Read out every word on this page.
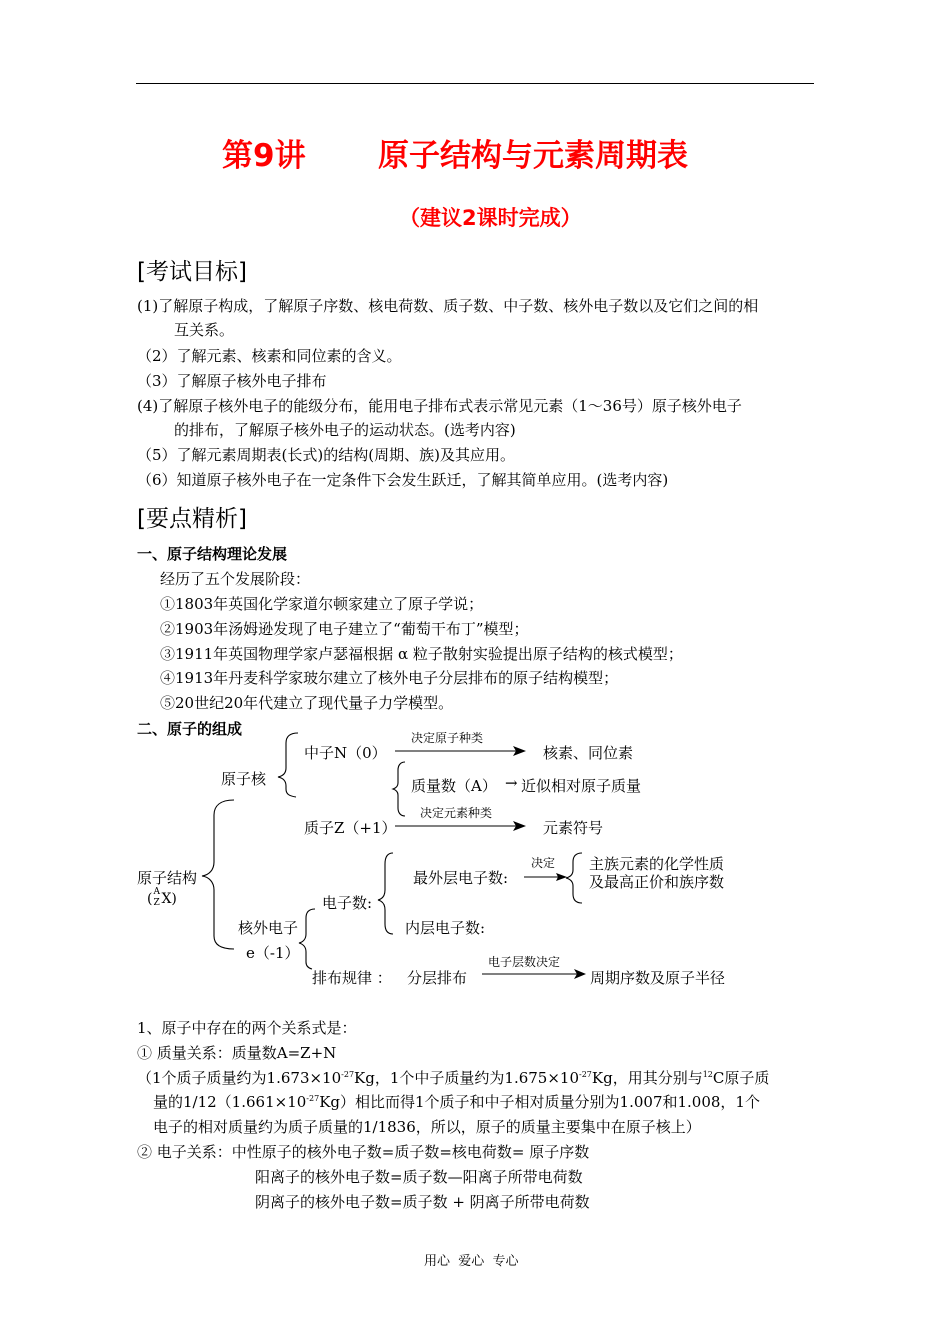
第9讲 原子结构与元素周期表
（建议2课时完成）
[考试目标]
(1)了解原子构成，了解原子序数、核电荷数、质子数、中子数、核外电子数以及它们之间的相
互关系。
（2）了解元素、核素和同位素的含义。
（3）了解原子核外电子排布
(4)了解原子核外电子的能级分布，能用电子排布式表示常见元素（1～36号）原子核外电子
的排布，了解原子核外电子的运动状态。(选考内容)
（5）了解元素周期表(长式)的结构(周期、族)及其应用。
（6）知道原子核外电子在一定条件下会发生跃迁，了解其简单应用。(选考内容)
[要点精析]
一、原子结构理论发展
经历了五个发展阶段：
①1803年英国化学家道尔顿家建立了原子学说；
②1903年汤姆逊发现了电子建立了“葡萄干布丁”模型；
③1911年英国物理学家卢瑟福根据 α 粒子散射实验提出原子结构的核式模型；
④1913年丹麦科学家玻尔建立了核外电子分层排布的原子结构模型；
⑤20世纪20年代建立了现代量子力学模型。
二、原子的组成
原子结构
( A
Z X)
原子核
中子N（0）
决定原子种类
核素、同位素
质量数（A） → 近似相对原子质量
质子Z（+1）
决定元素种类
元素符号
核外电子
e（-1）
电子数:
最外层电子数:
决定 主族元素的化学性质
及最高正价和族序数
内层电子数:
排布规律 ： 分层排布
电子层数决定
周期序数及原子半径
1、原子中存在的两个关系式是：
① 质量关系：质量数A=Z+N
（1个质子质量约为$1.673\times 10^{-27}Kg$，1个中子质量约为$1.675\times 10^{-27}Kg$，用其分别与$^{12}$C原子质
量的$1/12(1.661\times 10^{-27}Kg)$相比而得1个质子和中子相对质量分别为1.007和1.008，1个
电子的相对质量约为质子质量的1/1836，所以，原子的质量主要集中在原子核上）
② 电子关系：中性原子的核外电子数=质子数=核电荷数= 原子序数
阳离子的核外电子数=质子数—阳离子所带电荷数
阴离子的核外电子数=质子数 + 阴离子所带电荷数
用心  爱心  专心
